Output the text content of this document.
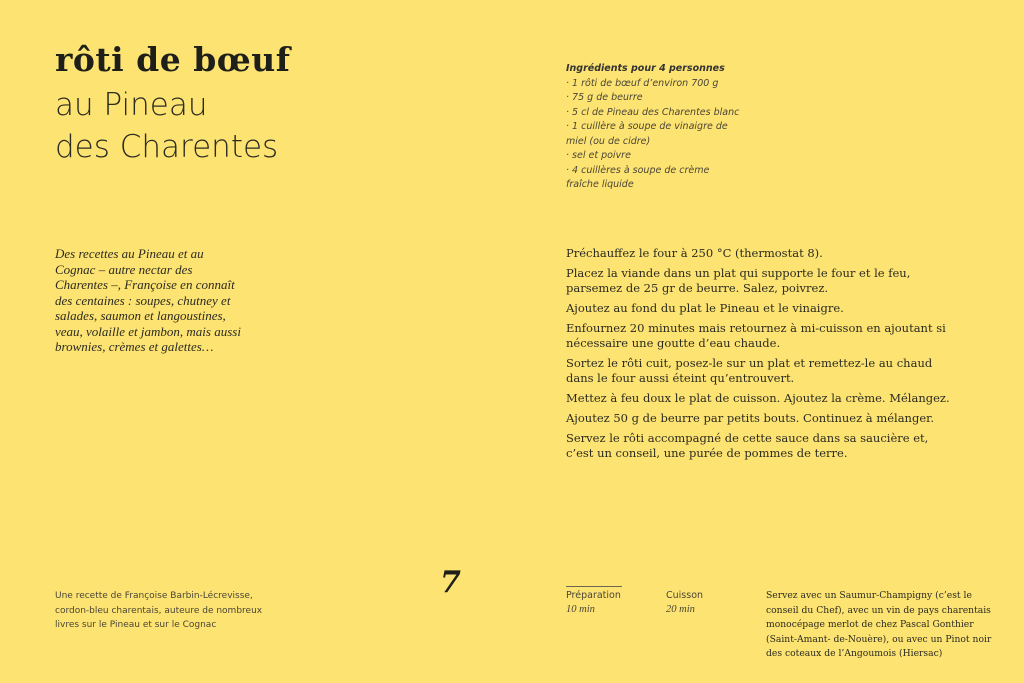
rôti de bœuf
au Pineau
des Charentes
Ingrédients pour 4 personnes
· 1 rôti de bœuf d’environ 700 g
· 75 g de beurre
· 5 cl de Pineau des Charentes blanc
· 1 cuillère à soupe de vinaigre de
miel (ou de cidre)
· sel et poivre
· 4 cuillères à soupe de crème
fraîche liquide
Des recettes au Pineau et au Cognac – autre nectar des Charentes –, Françoise en connaît des centaines : soupes, chutney et salades, saumon et langoustines, veau, volaille et jambon, mais aussi brownies, crèmes et galettes…

Préchauffez le four à 250 °C (thermostat 8).

Placez la viande dans un plat qui supporte le four et le feu, parsemez de 25 gr de beurre. Salez, poivrez.

Ajoutez au fond du plat le Pineau et le vinaigre.

Enfournez 20 minutes mais retournez à mi-cuisson en ajoutant si nécessaire une goutte d’eau chaude.

Sortez le rôti cuit, posez-le sur un plat et remettez-le au chaud dans le four aussi éteint qu’entrouvert.

Mettez à feu doux le plat de cuisson. Ajoutez la crème. Mélangez.

Ajoutez 50 g de beurre par petits bouts. Continuez à mélanger.

Servez le rôti accompagné de cette sauce dans sa saucière et, c’est un conseil, une purée de pommes de terre.

Une recette de Françoise Barbin-Lécrevisse, cordon-bleu charentais, auteure de nombreux livres sur le Pineau et sur le Cognac
7	Préparation
10 min
Cuisson
20 min
Servez avec un Saumur-Champigny (c’est le conseil du Chef), avec un vin de pays charentais monocépage merlot de chez Pascal Gonthier (Saint-Amant- de-Nouère), ou avec un Pinot noir des coteaux de l’Angoumois (Hiersac)
